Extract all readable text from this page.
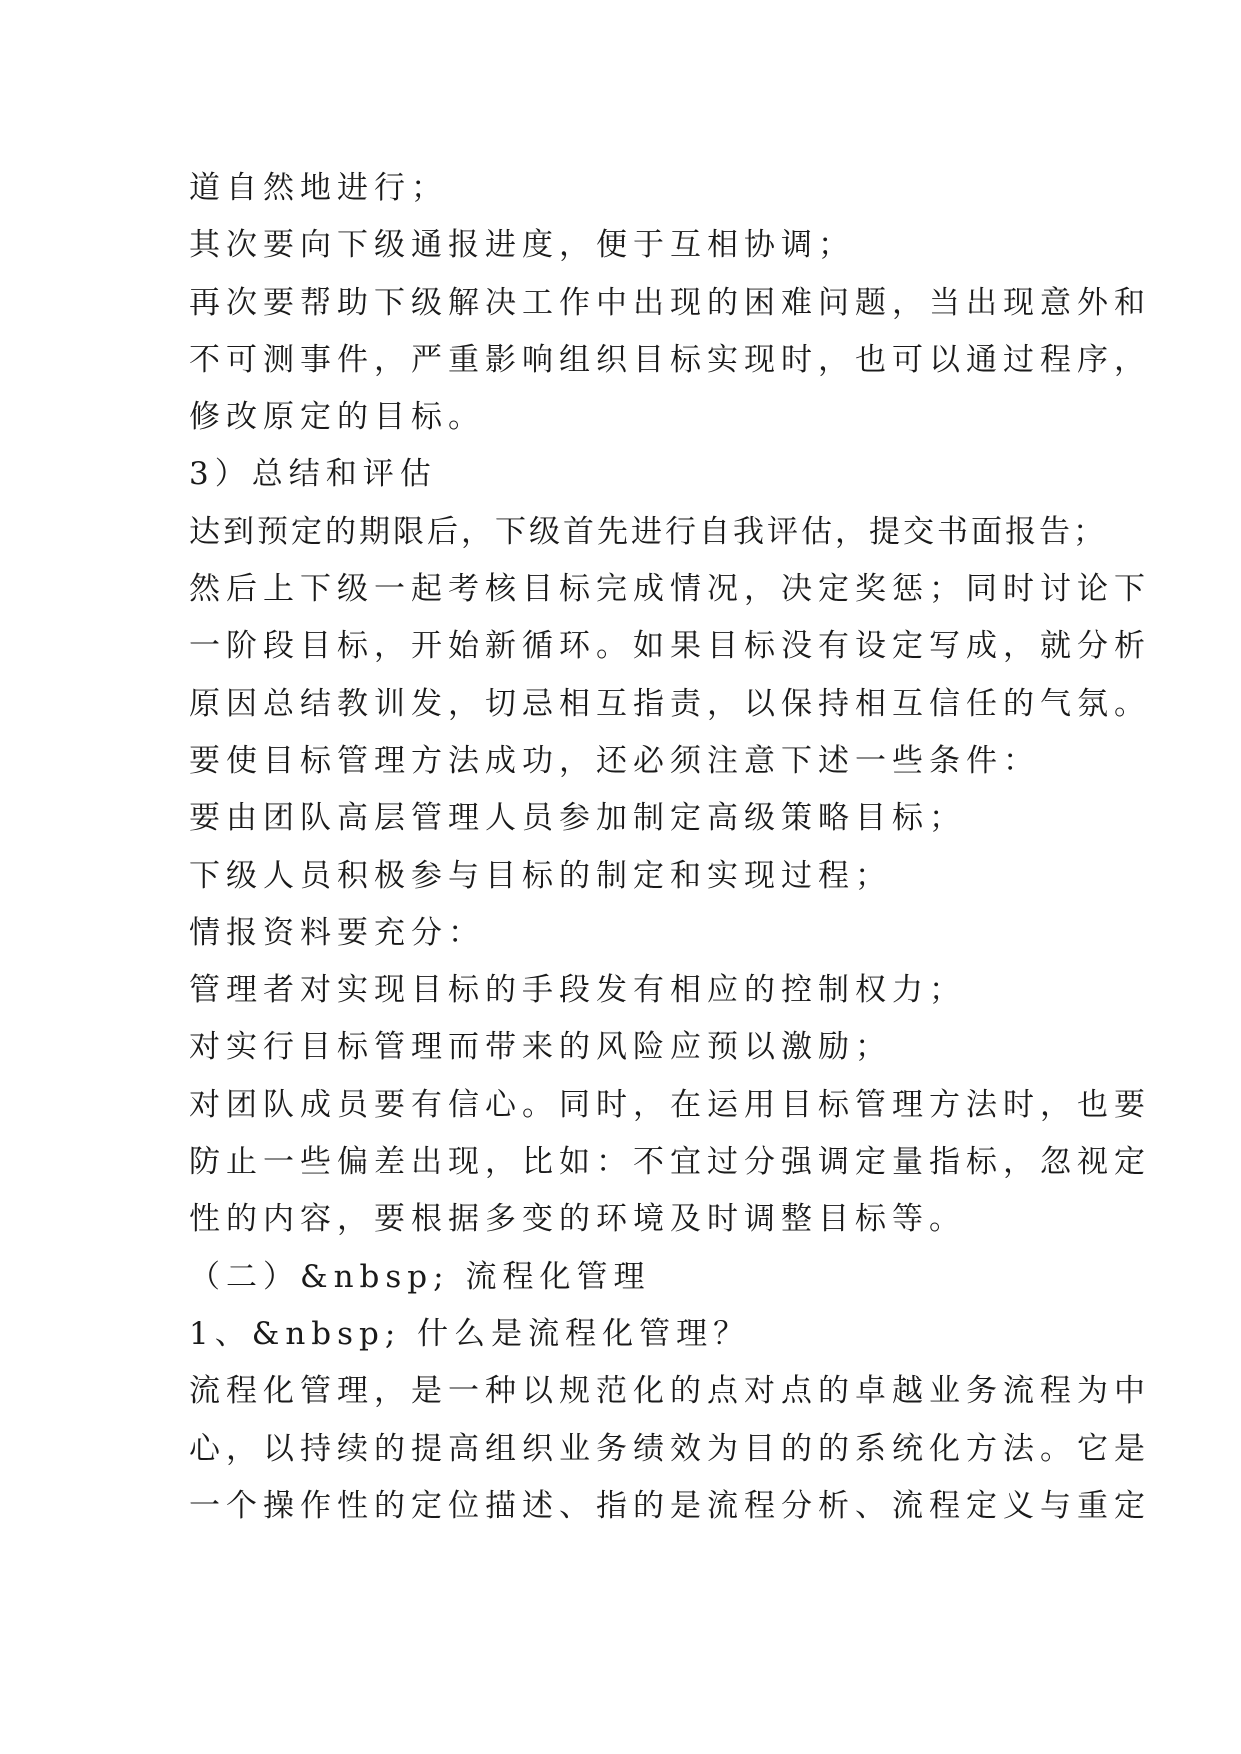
道自然地进行；
其次要向下级通报进度，便于互相协调；
再次要帮助下级解决工作中出现的困难问题，当出现意外和
不可测事件，严重影响组织目标实现时，也可以通过程序，
修改原定的目标。
3）总结和评估
达到预定的期限后，下级首先进行自我评估，提交书面报告；
然后上下级一起考核目标完成情况，决定奖惩；同时讨论下
一阶段目标，开始新循环。如果目标没有设定写成，就分析
原因总结教训发，切忌相互指责，以保持相互信任的气氛。
要使目标管理方法成功，还必须注意下述一些条件：
要由团队高层管理人员参加制定高级策略目标；
下级人员积极参与目标的制定和实现过程；
情报资料要充分：
管理者对实现目标的手段发有相应的控制权力；
对实行目标管理而带来的风险应预以激励；
对团队成员要有信心。同时，在运用目标管理方法时，也要
防止一些偏差出现，比如：不宜过分强调定量指标，忽视定
性的内容，要根据多变的环境及时调整目标等。
（二）&nbsp; 流程化管理
1、&nbsp; 什么是流程化管理？
流程化管理，是一种以规范化的点对点的卓越业务流程为中
心，以持续的提高组织业务绩效为目的的系统化方法。它是
一个操作性的定位描述、指的是流程分析、流程定义与重定
